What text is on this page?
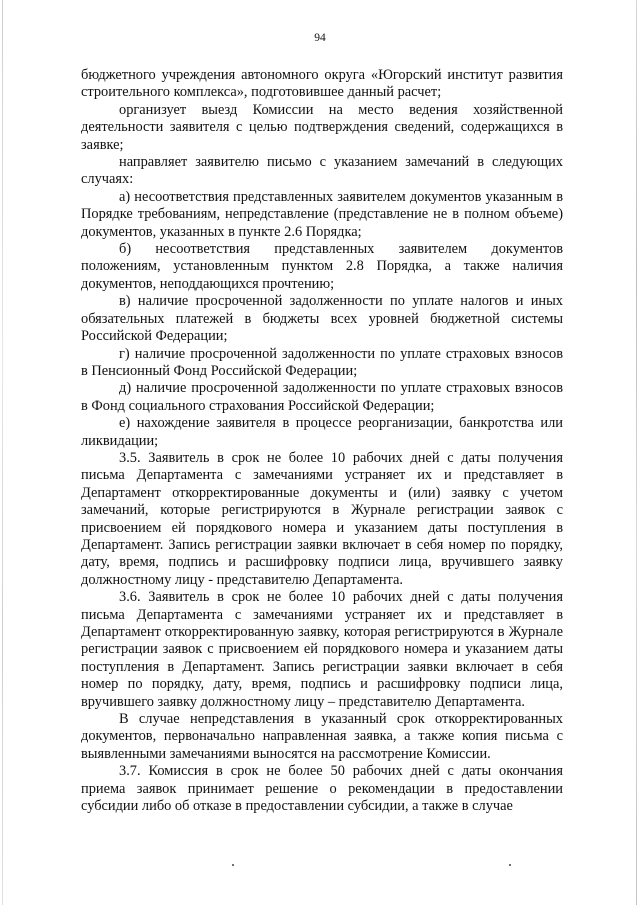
94

бюджетного учреждения автономного округа «Югорский институт развития строительного комплекса», подготовившее данный расчет;

организует выезд Комиссии на место ведения хозяйственной деятельности заявителя с целью подтверждения сведений, содержащихся в заявке;

направляет заявителю письмо с указанием замечаний в следующих случаях:

а) несоответствия представленных заявителем документов указанным в Порядке требованиям, непредставление (представление не в полном объеме) документов, указанных в пункте 2.6 Порядка;

б) несоответствия представленных заявителем документов положениям, установленным пунктом 2.8 Порядка, а также наличия документов, неподдающихся прочтению;

в) наличие просроченной задолженности по уплате налогов и иных обязательных платежей в бюджеты всех уровней бюджетной системы Российской Федерации;

г) наличие просроченной задолженности по уплате страховых взносов в Пенсионный Фонд Российской Федерации;

д) наличие просроченной задолженности по уплате страховых взносов в Фонд социального страхования Российской Федерации;

е) нахождение заявителя в процессе реорганизации, банкротства или ликвидации;

3.5. Заявитель в срок не более 10 рабочих дней с даты получения письма Департамента с замечаниями устраняет их и представляет в Департамент откорректированные документы и (или) заявку с учетом замечаний, которые регистрируются в Журнале регистрации заявок с присвоением ей порядкового номера и указанием даты поступления в Департамент. Запись регистрации заявки включает в себя номер по порядку, дату, время, подпись и расшифровку подписи лица, вручившего заявку должностному лицу - представителю Департамента.

3.6. Заявитель в срок не более 10 рабочих дней с даты получения письма Департамента с замечаниями устраняет их и представляет в Департамент откорректированную заявку, которая регистрируются в Журнале регистрации заявок с присвоением ей порядкового номера и указанием даты поступления в Департамент. Запись регистрации заявки включает в себя номер по порядку, дату, время, подпись и расшифровку подписи лица, вручившего заявку должностному лицу – представителю Департамента.

В случае непредставления в указанный срок откорректированных документов, первоначально направленная заявка, а также копия письма с выявленными замечаниями выносятся на рассмотрение Комиссии.

3.7. Комиссия в срок не более 50 рабочих дней с даты окончания приема заявок принимает решение о рекомендации в предоставлении субсидии либо об отказе в предоставлении субсидии, а также в случае
